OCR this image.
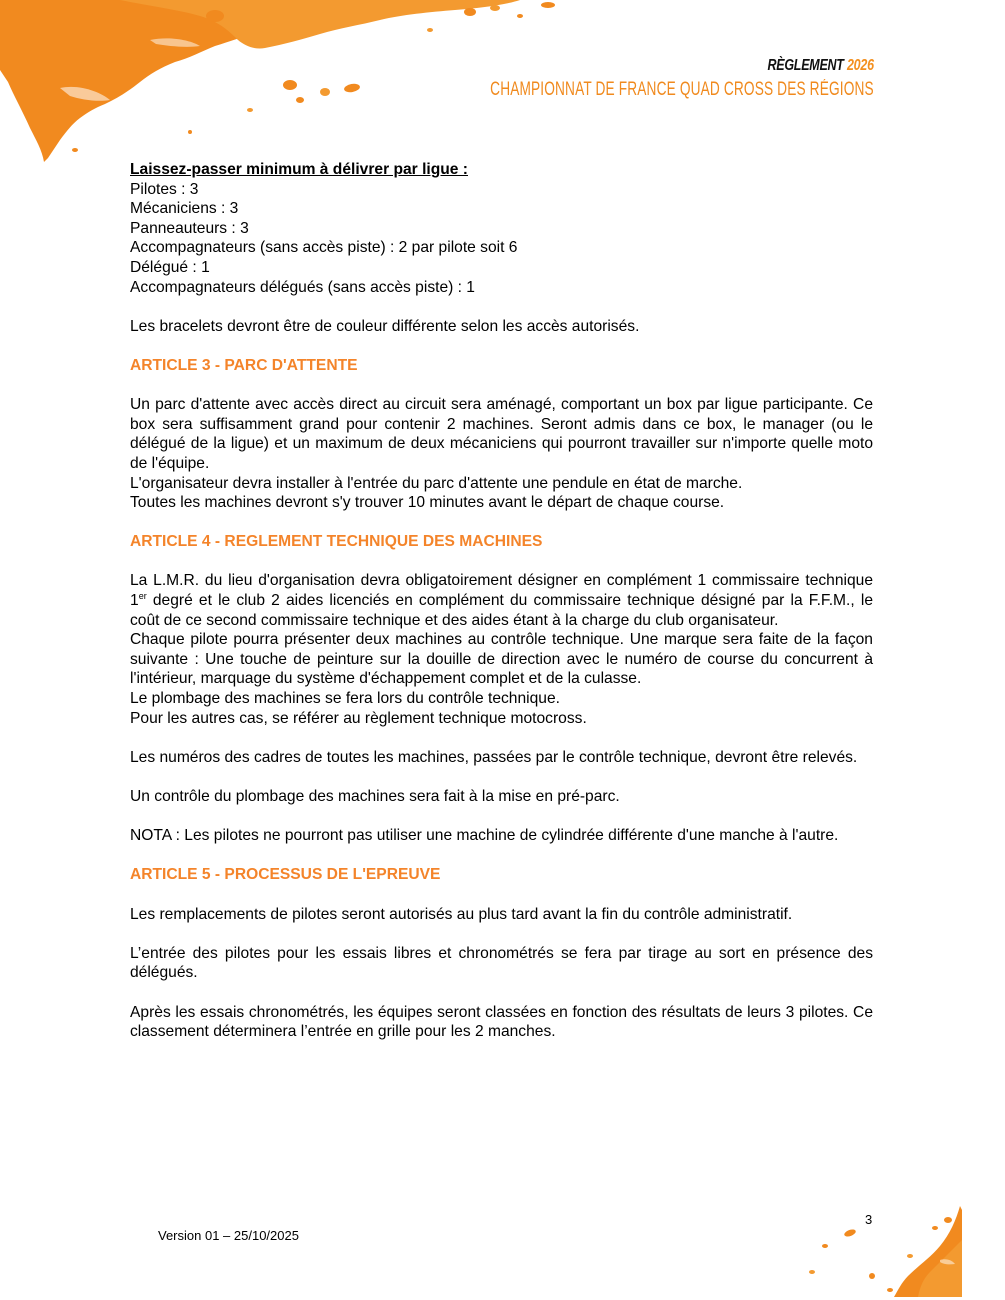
RÈGLEMENT 2026
CHAMPIONNAT DE FRANCE QUAD CROSS DES RÉGIONS

Laissez-passer minimum à délivrer par ligue :

Pilotes : 3

Mécaniciens : 3

Panneauteurs : 3

Accompagnateurs (sans accès piste) : 2 par pilote soit 6

Délégué : 1

Accompagnateurs délégués (sans accès piste) : 1

Les bracelets devront être de couleur différente selon les accès autorisés.

ARTICLE 3 - PARC D'ATTENTE

Un parc d'attente avec accès direct au circuit sera aménagé, comportant un box par ligue participante. Ce box sera suffisamment grand pour contenir 2 machines. Seront admis dans ce box, le manager (ou le délégué de la ligue) et un maximum de deux mécaniciens qui pourront travailler sur n'importe quelle moto de l'équipe.

L'organisateur devra installer à l'entrée du parc d'attente une pendule en état de marche.

Toutes les machines devront s'y trouver 10 minutes avant le départ de chaque course.

ARTICLE 4 - REGLEMENT TECHNIQUE DES MACHINES

La L.M.R. du lieu d'organisation devra obligatoirement désigner en complément 1 commissaire technique 1er degré et le club 2 aides licenciés en complément du commissaire technique désigné par la F.F.M., le coût de ce second commissaire technique et des aides étant à la charge du club organisateur.

Chaque pilote pourra présenter deux machines au contrôle technique. Une marque sera faite de la façon suivante : Une touche de peinture sur la douille de direction avec le numéro de course du concurrent à l'intérieur, marquage du système d'échappement complet et de la culasse.

Le plombage des machines se fera lors du contrôle technique.

Pour les autres cas, se référer au règlement technique motocross.

Les numéros des cadres de toutes les machines, passées par le contrôle technique, devront être relevés.

Un contrôle du plombage des machines sera fait à la mise en pré-parc.

NOTA : Les pilotes ne pourront pas utiliser une machine de cylindrée différente d'une manche à l'autre.

ARTICLE 5 - PROCESSUS DE L'EPREUVE

Les remplacements de pilotes seront autorisés au plus tard avant la fin du contrôle administratif.

L’entrée des pilotes pour les essais libres et chronométrés se fera par tirage au sort en présence des délégués.

Après les essais chronométrés, les équipes seront classées en fonction des résultats de leurs 3 pilotes. Ce classement déterminera l’entrée en grille pour les 2 manches.

Version 01 – 25/10/2025
3
